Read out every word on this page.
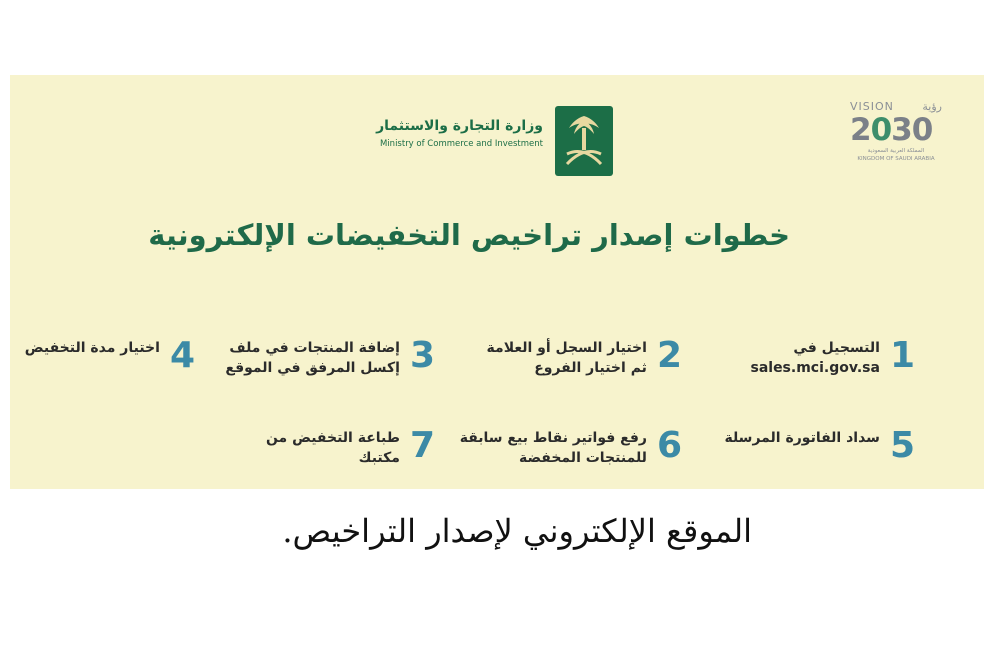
VISION	رؤية
2030
المملكة العربية السعودية
KINGDOM OF SAUDI ARABIA
وزارة التجارة والاستثمار
Ministry of Commerce and Investment
خطوات إصدار تراخيص التخفيضات الإلكترونية
1
التسجيل في
sales.mci.gov.sa
2
اختيار السجل أو العلامة
ثم اختيار الفروع
3
إضافة المنتجات في ملف
إكسل المرفق في الموقع
4
اختيار مدة التخفيض
5
سداد الفاتورة المرسلة
6
رفع فواتير نقاط بيع سابقة
للمنتجات المخفضة
7
طباعة التخفيض من
مكتبك
الموقع الإلكتروني لإصدار التراخيص.
